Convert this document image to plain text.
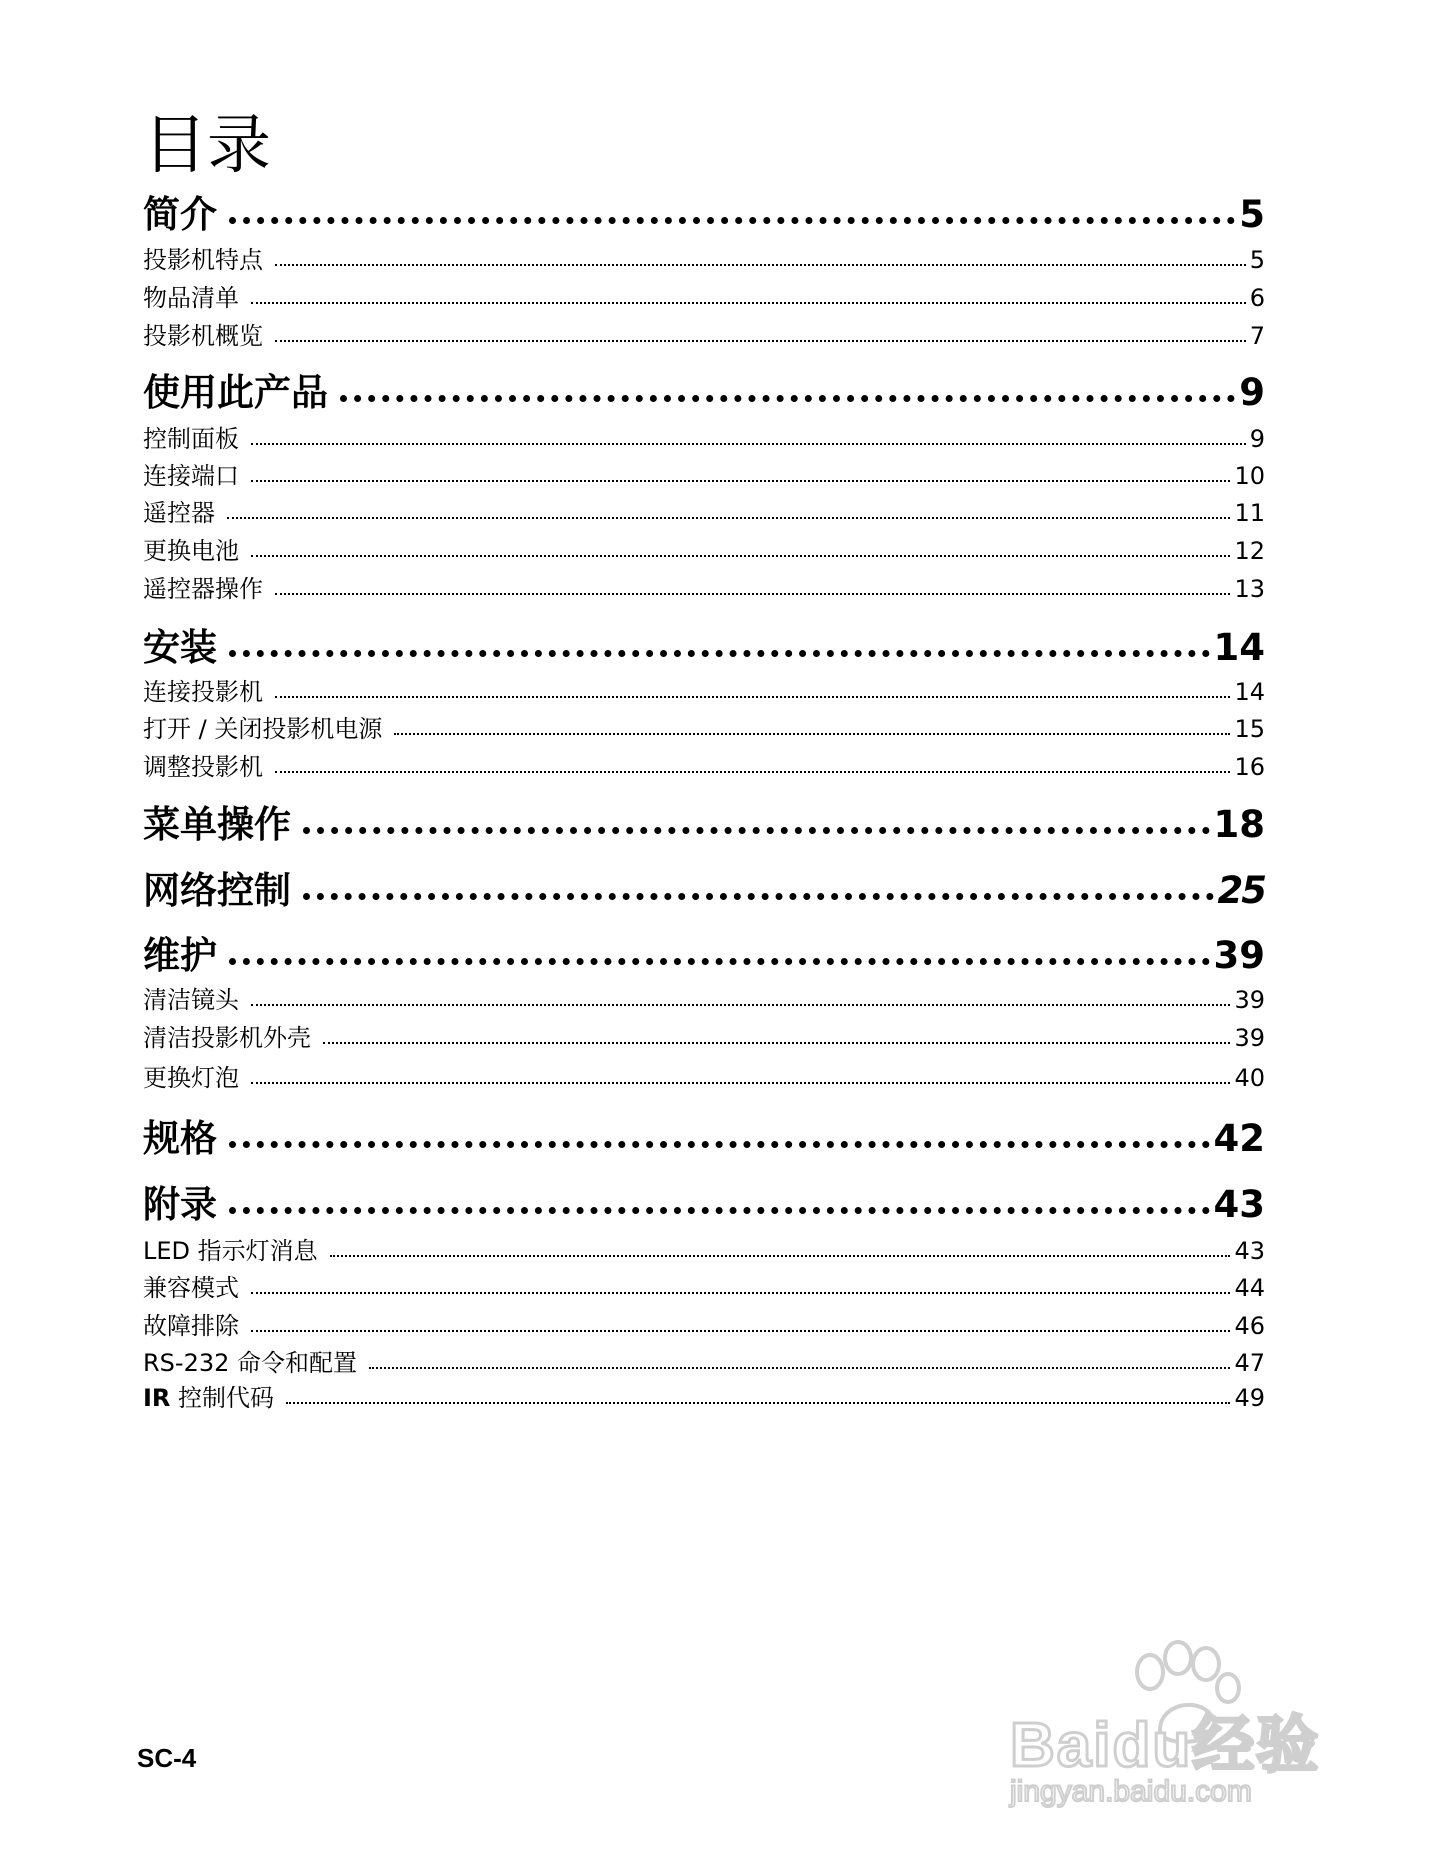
目录
简介	5
投影机特点	5
物品清单	6
投影机概览	7
使用此产品	9
控制面板	9
连接端口	10
遥控器	11
更换电池	12
遥控器操作	13
安装	14
连接投影机	14
打开 / 关闭投影机电源	15
调整投影机	16
菜单操作	18
网络控制	25
维护	39
清洁镜头	39
清洁投影机外壳	39
更换灯泡	40
规格	42
附录	43
LED 指示灯消息	43
兼容模式	44
故障排除	46
RS-232 命令和配置	47
IR 控制代码	49
SC-4	Baidu经验
jingyan.baidu.com
